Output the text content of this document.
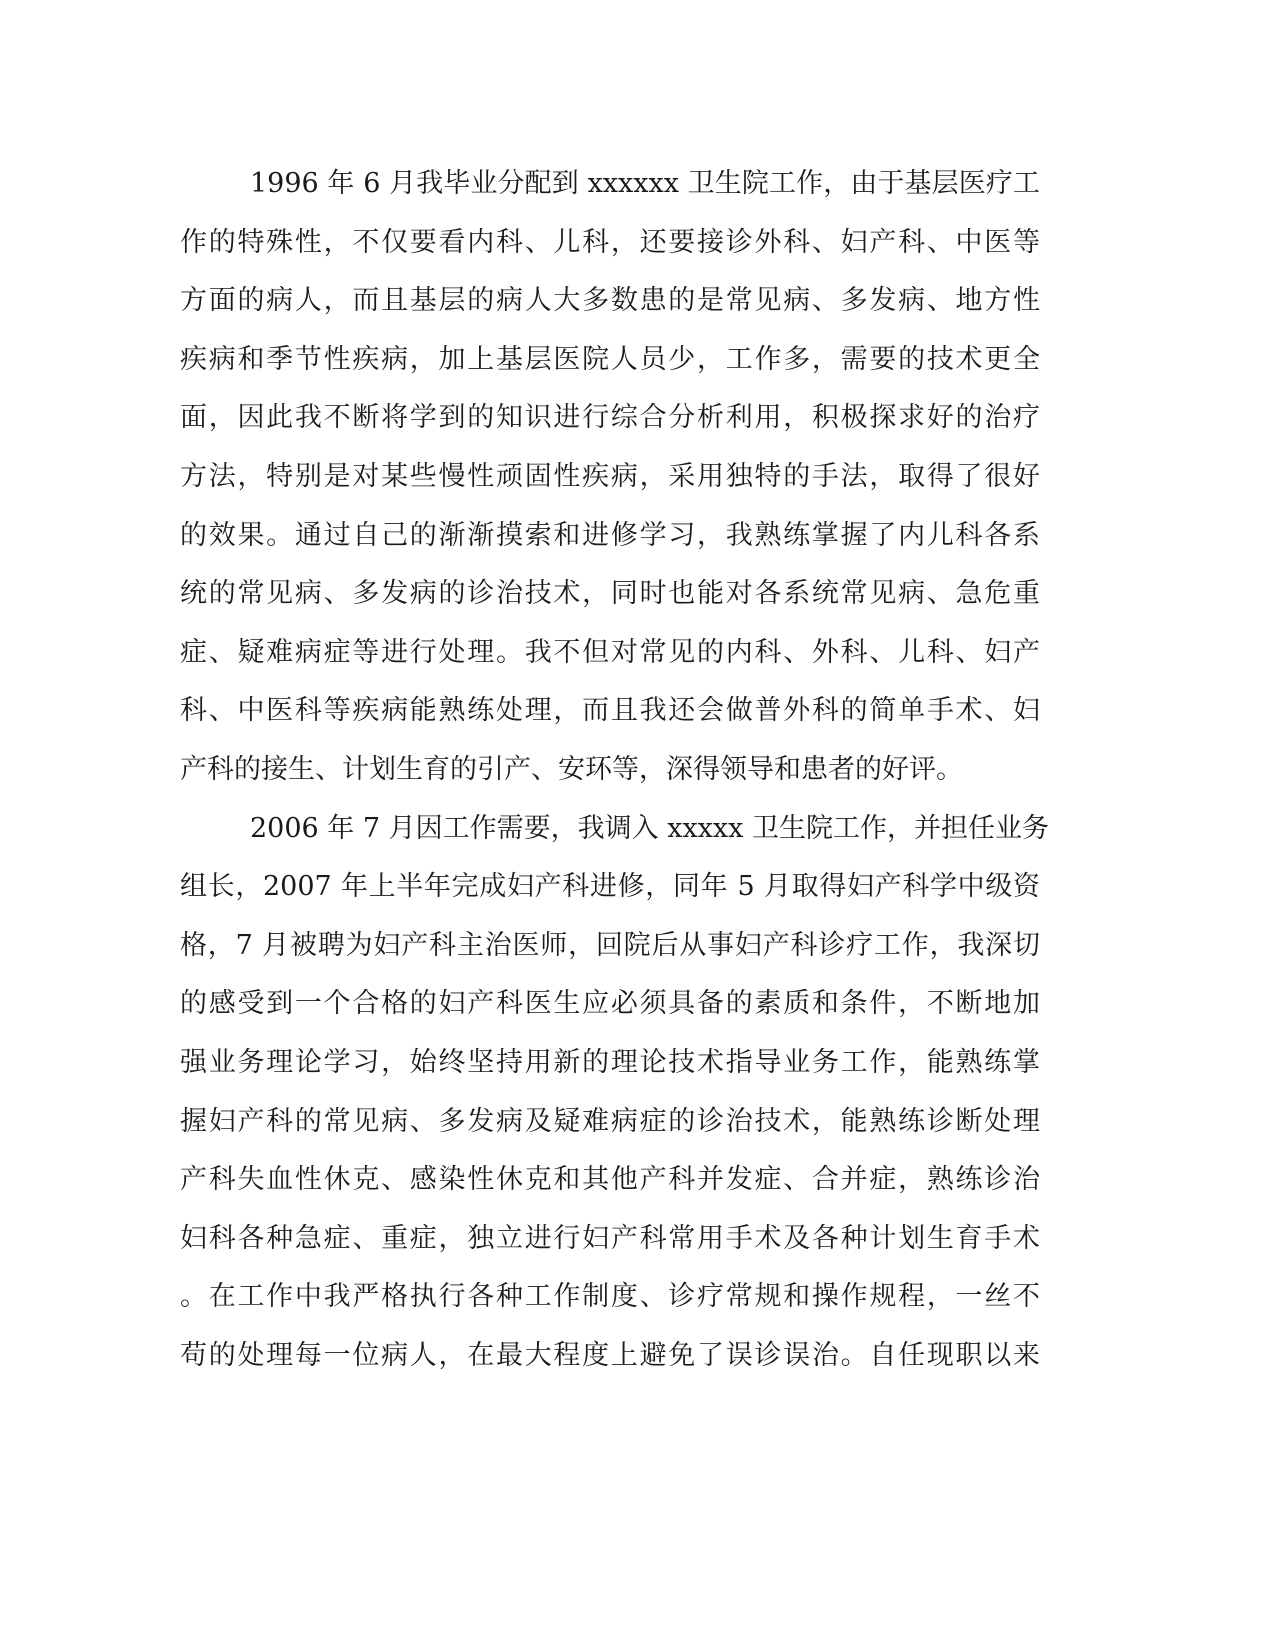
1996 年 6 月我毕业分配到 xxxxxx 卫生院工作，由于基层医疗工
作的特殊性，不仅要看内科、儿科，还要接诊外科、妇产科、中医等
方面的病人，而且基层的病人大多数患的是常见病、多发病、地方性
疾病和季节性疾病，加上基层医院人员少，工作多，需要的技术更全
面，因此我不断将学到的知识进行综合分析利用，积极探求好的治疗
方法，特别是对某些慢性顽固性疾病，采用独特的手法，取得了很好
的效果。通过自己的渐渐摸索和进修学习，我熟练掌握了内儿科各系
统的常见病、多发病的诊治技术，同时也能对各系统常见病、急危重
症、疑难病症等进行处理。我不但对常见的内科、外科、儿科、妇产
科、中医科等疾病能熟练处理，而且我还会做普外科的简单手术、妇
产科的接生、计划生育的引产、安环等，深得领导和患者的好评。
2006 年 7 月因工作需要，我调入 xxxxx 卫生院工作，并担任业务
组长，2007 年上半年完成妇产科进修，同年 5 月取得妇产科学中级资
格，7 月被聘为妇产科主治医师，回院后从事妇产科诊疗工作，我深切
的感受到一个合格的妇产科医生应必须具备的素质和条件，不断地加
强业务理论学习，始终坚持用新的理论技术指导业务工作，能熟练掌
握妇产科的常见病、多发病及疑难病症的诊治技术，能熟练诊断处理
产科失血性休克、感染性休克和其他产科并发症、合并症，熟练诊治
妇科各种急症、重症，独立进行妇产科常用手术及各种计划生育手术
。在工作中我严格执行各种工作制度、诊疗常规和操作规程，一丝不
苟的处理每一位病人，在最大程度上避免了误诊误治。自任现职以来
